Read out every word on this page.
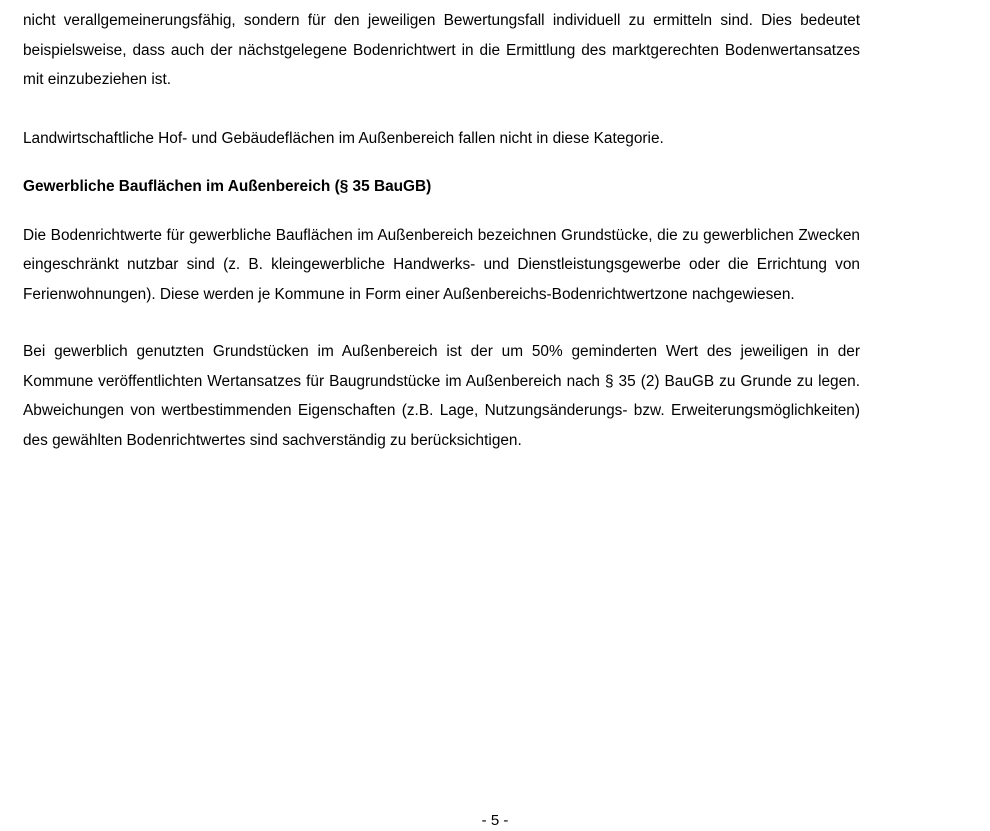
nicht verallgemeinerungsfähig, sondern für den jeweiligen Bewertungsfall individuell zu ermitteln sind. Dies bedeutet beispielsweise, dass auch der nächstgelegene Bodenrichtwert in die Ermittlung des marktgerechten Bodenwertansatzes mit einzubeziehen ist.

Landwirtschaftliche Hof- und Gebäudeflächen im Außenbereich fallen nicht in diese Kategorie.

Gewerbliche Bauflächen im Außenbereich (§ 35 BauGB)

Die Bodenrichtwerte für gewerbliche Bauflächen im Außenbereich bezeichnen Grundstücke, die zu gewerblichen Zwecken eingeschränkt nutzbar sind (z. B. kleingewerbliche Handwerks- und Dienstleistungsgewerbe oder die Errichtung von Ferienwohnungen). Diese werden je Kommune in Form einer Außenbereichs-Bodenrichtwertzone nachgewiesen.

Bei gewerblich genutzten Grundstücken im Außenbereich ist der um 50% geminderten Wert des jeweiligen in der Kommune veröffentlichten Wertansatzes für Baugrundstücke im Außenbereich nach § 35 (2) BauGB zu Grunde zu legen. Abweichungen von wertbestimmenden Eigenschaften (z.B. Lage, Nutzungsänderungs- bzw. Erweiterungsmöglichkeiten) des gewählten Bodenrichtwertes sind sachverständig zu berücksichtigen.

- 5 -
